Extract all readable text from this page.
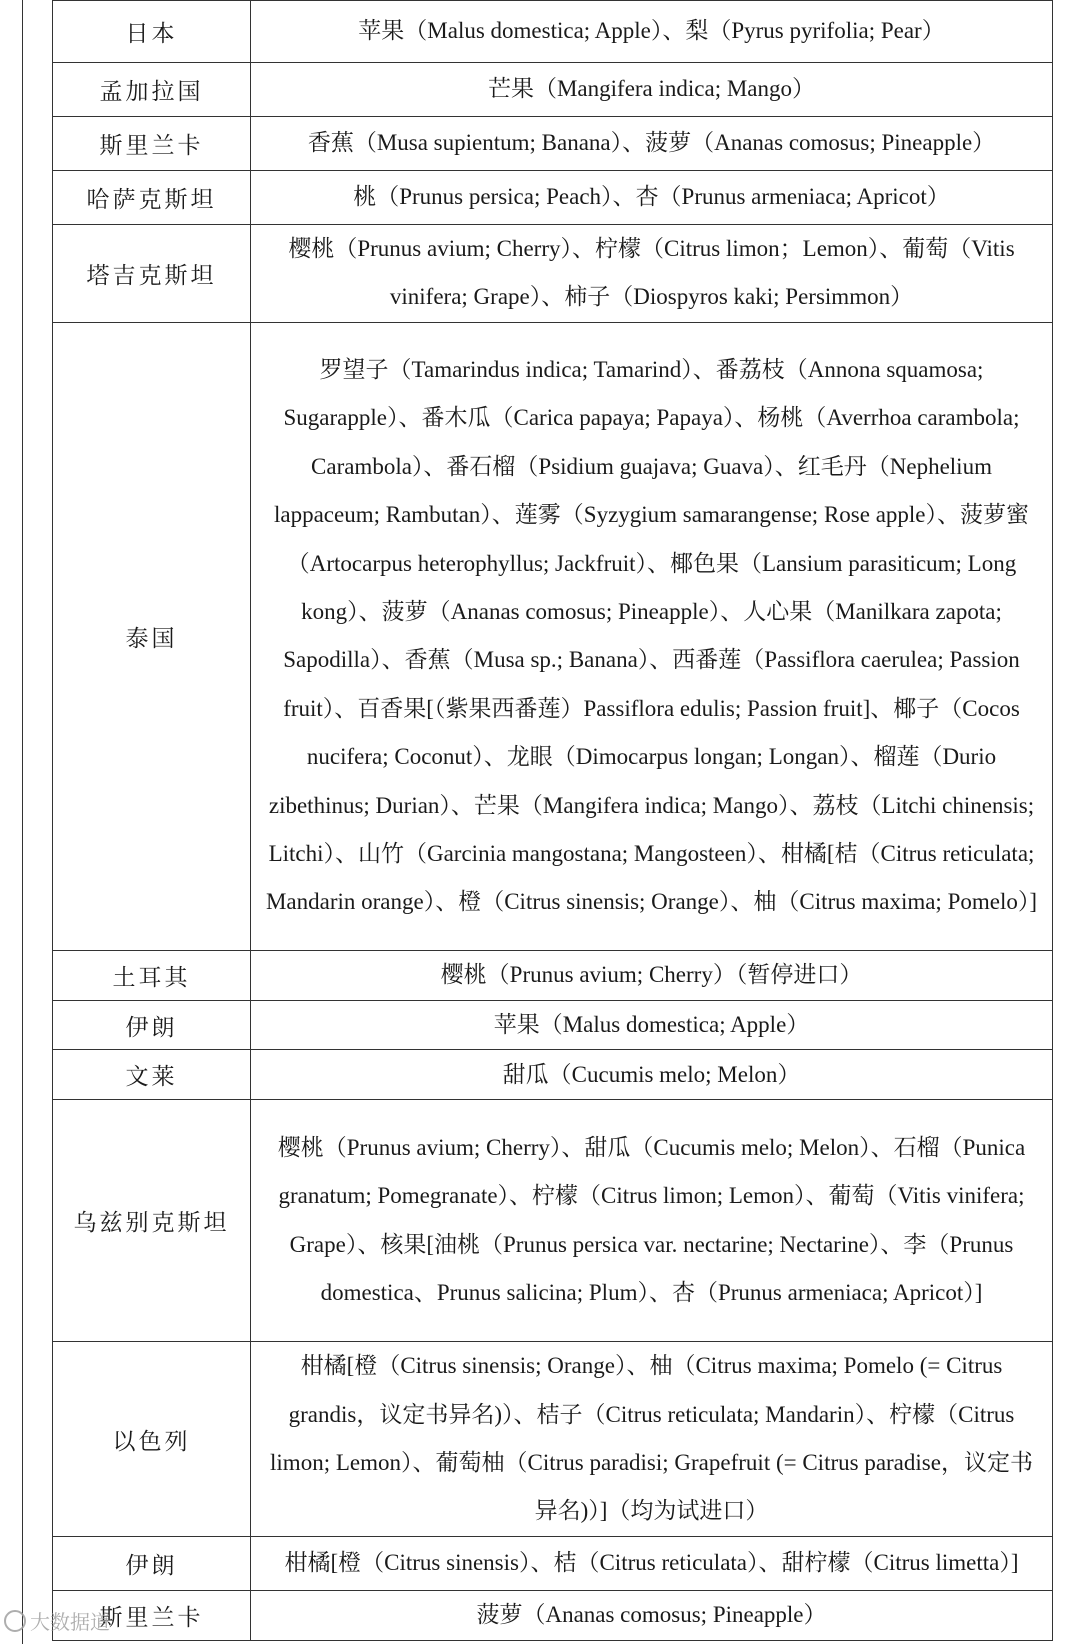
日本	苹果（Malus domestica; Apple）、梨（Pyrus pyrifolia; Pear）
孟加拉国	芒果（Mangifera indica; Mango）
斯里兰卡	香蕉（Musa supientum; Banana）、菠萝（Ananas comosus; Pineapple）
哈萨克斯坦	桃（Prunus persica; Peach）、杏（Prunus armeniaca; Apricot）
塔吉克斯坦	樱桃（Prunus avium; Cherry）、柠檬（Citrus limon；Lemon）、葡萄（Vitis vinifera; Grape）、柿子（Diospyros kaki; Persimmon）
泰国	罗望子（Tamarindus indica; Tamarind）、番荔枝（Annona squamosa; Sugarapple）、番木瓜（Carica papaya; Papaya）、杨桃（Averrhoa carambola; Carambola）、番石榴（Psidium guajava; Guava）、红毛丹（Nephelium lappaceum; Rambutan）、莲雾（Syzygium samarangense; Rose apple）、菠萝蜜（Artocarpus heterophyllus; Jackfruit）、椰色果（Lansium parasiticum; Long kong）、菠萝（Ananas comosus; Pineapple）、人心果（Manilkara zapota; Sapodilla）、香蕉（Musa sp.; Banana）、西番莲（Passiflora caerulea; Passion fruit）、百香果[（紫果西番莲）Passiflora edulis; Passion fruit]、椰子（Cocos nucifera; Coconut）、龙眼（Dimocarpus longan; Longan）、榴莲（Durio zibethinus; Durian）、芒果（Mangifera indica; Mango）、荔枝（Litchi chinensis; Litchi）、山竹（Garcinia mangostana; Mangosteen）、柑橘[桔（Citrus reticulata; Mandarin orange）、橙（Citrus sinensis; Orange）、柚（Citrus maxima; Pomelo）]
土耳其	樱桃（Prunus avium; Cherry）（暂停进口）
伊朗	苹果（Malus domestica; Apple）
文莱	甜瓜（Cucumis melo; Melon）
乌兹别克斯坦	樱桃（Prunus avium; Cherry）、甜瓜（Cucumis melo; Melon）、石榴（Punica granatum; Pomegranate）、柠檬（Citrus limon; Lemon）、葡萄（Vitis vinifera; Grape）、核果[油桃（Prunus persica var. nectarine; Nectarine）、李（Prunus domestica、Prunus salicina; Plum）、杏（Prunus armeniaca; Apricot）]
以色列	柑橘[橙（Citrus sinensis; Orange）、柚（Citrus maxima; Pomelo (= Citrus grandis，议定书异名)）、桔子（Citrus reticulata; Mandarin）、柠檬（Citrus limon; Lemon）、葡萄柚（Citrus paradisi; Grapefruit (= Citrus paradise，议定书异名)）]（均为试进口）
伊朗	柑橘[橙（Citrus sinensis）、桔（Citrus reticulata）、甜柠檬（Citrus limetta）]
斯里兰卡	菠萝（Ananas comosus; Pineapple）
大数据道
